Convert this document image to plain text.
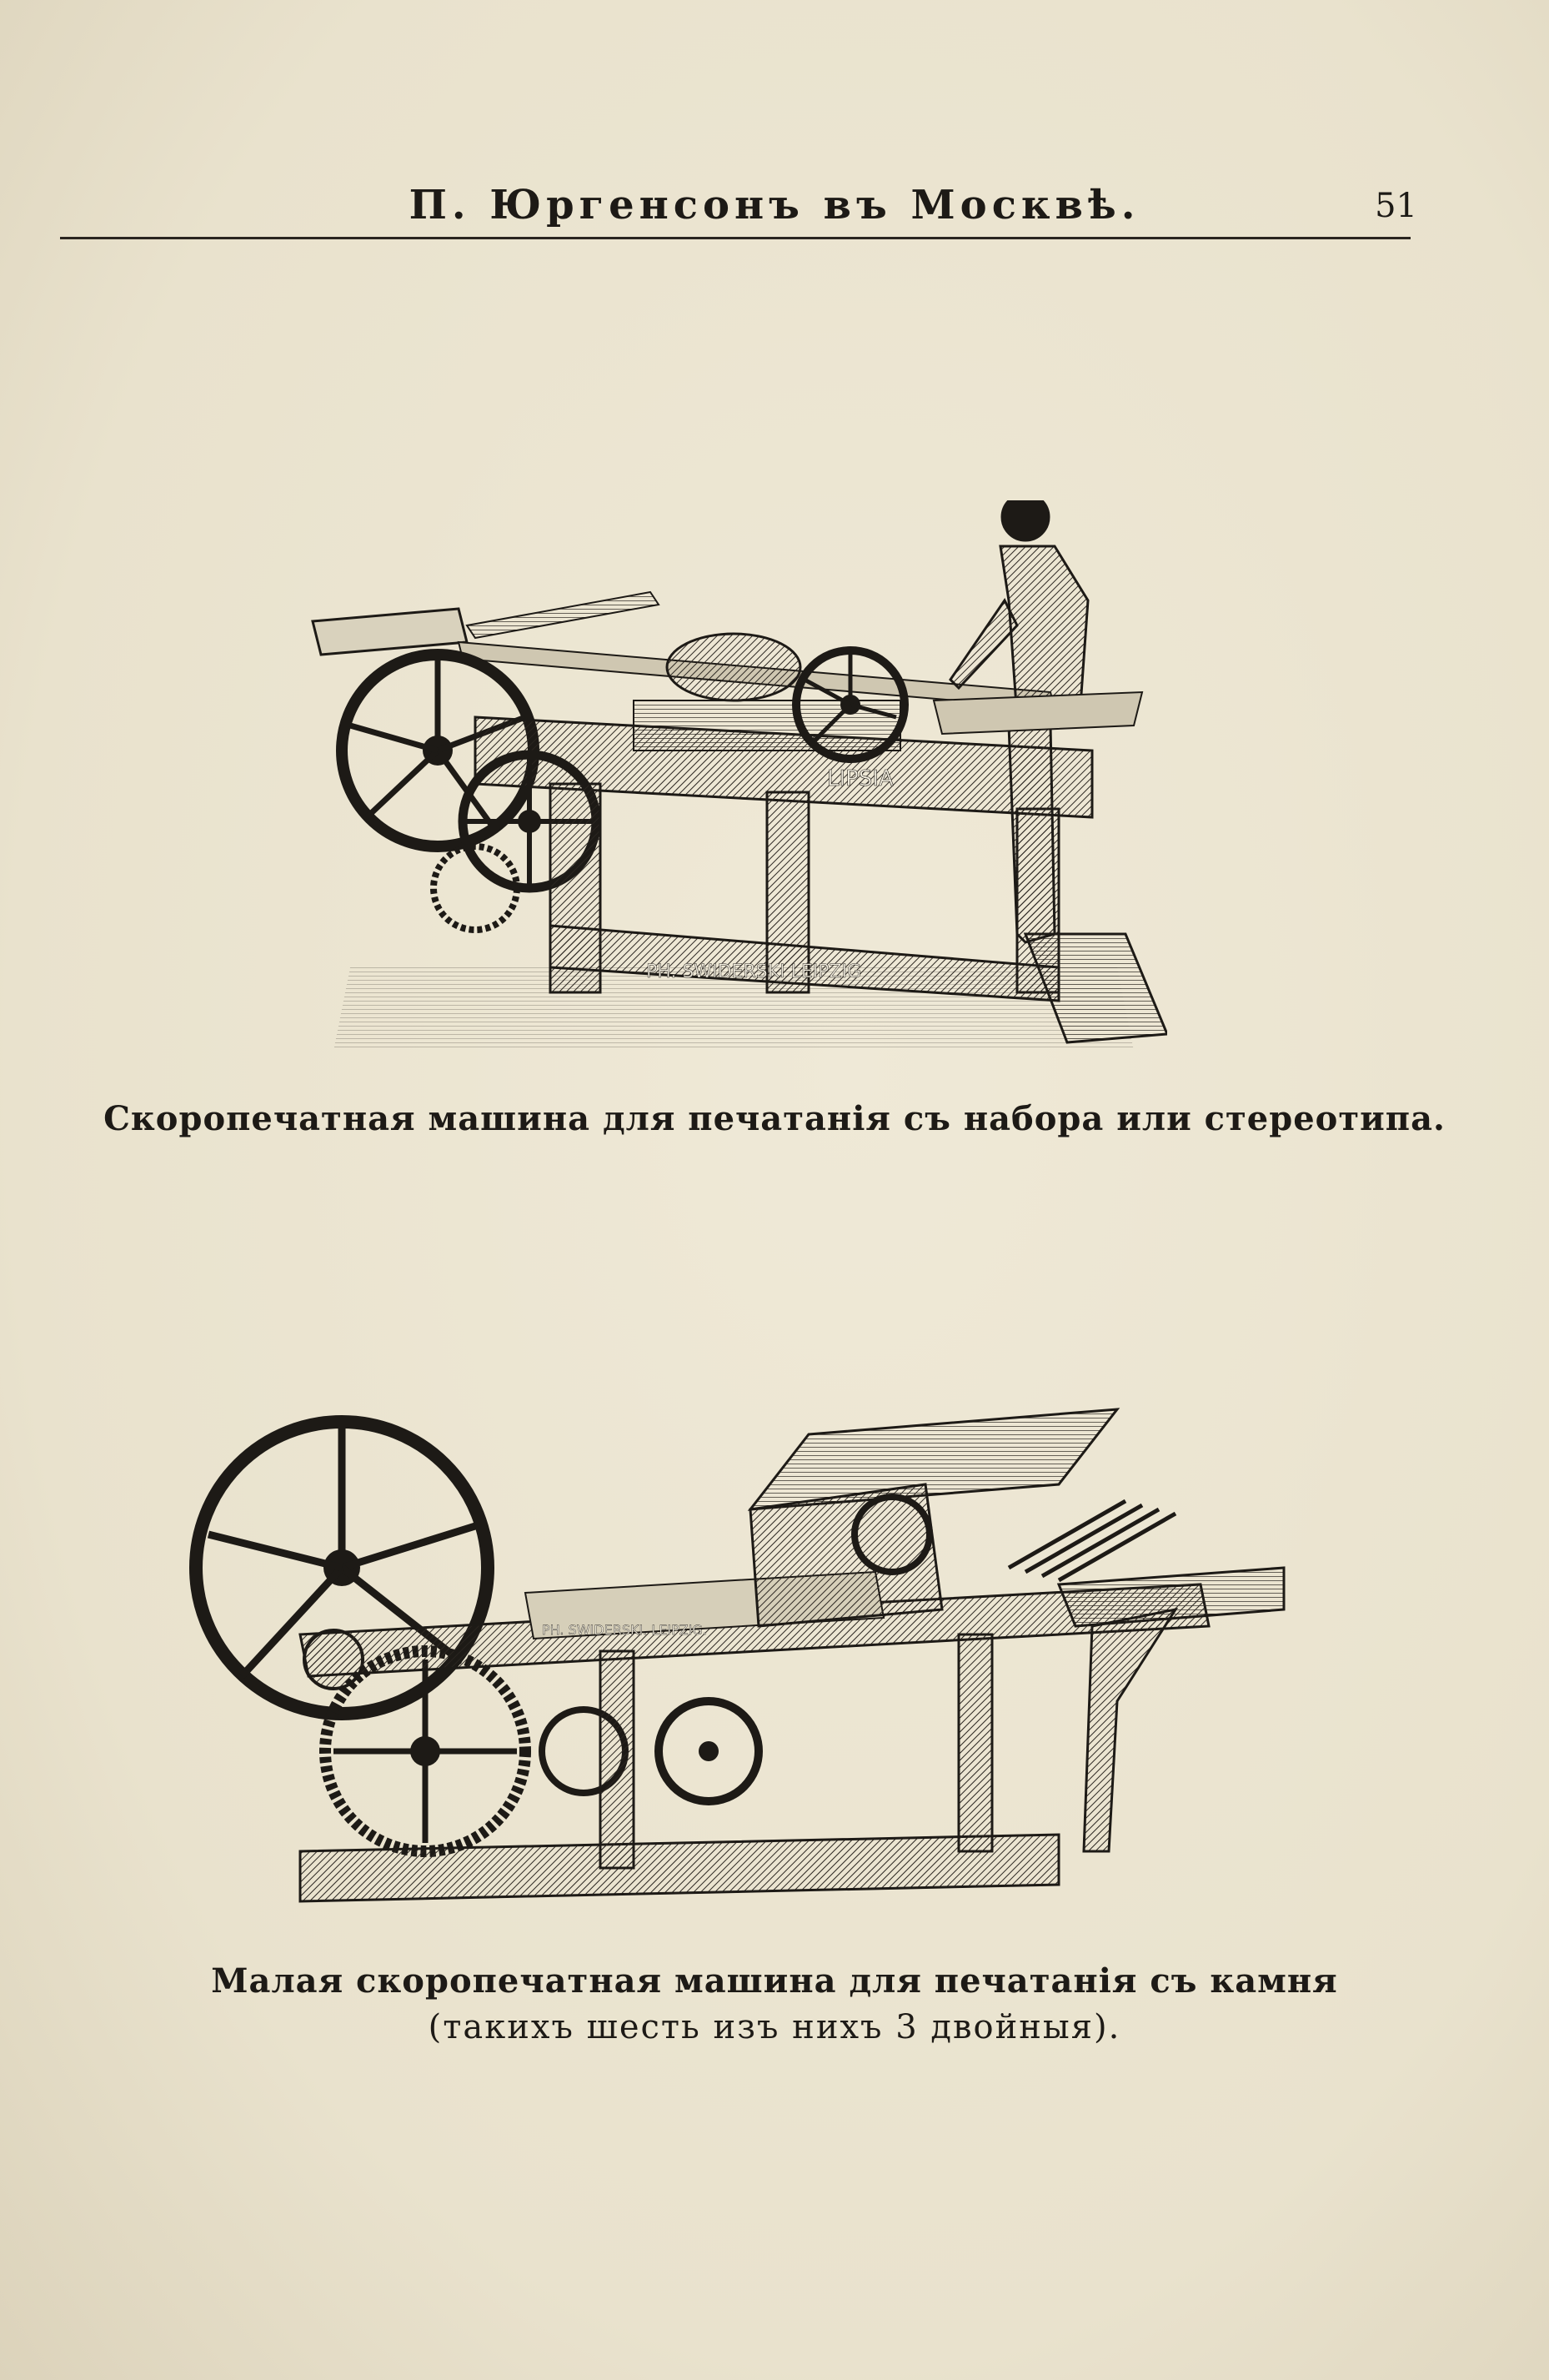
П. Юргенсонъ въ Москвѣ.	51
LIPSIA
PH. SWIDERSKI LEIPZIG
Скоропечатная машина для печатанія съ набора или стереотипа.
PH. SWIDERSKI. LEIPZIG.
Малая скоропечатная машина для печатанія съ камня
(такихъ шесть изъ нихъ 3 двойныя).
